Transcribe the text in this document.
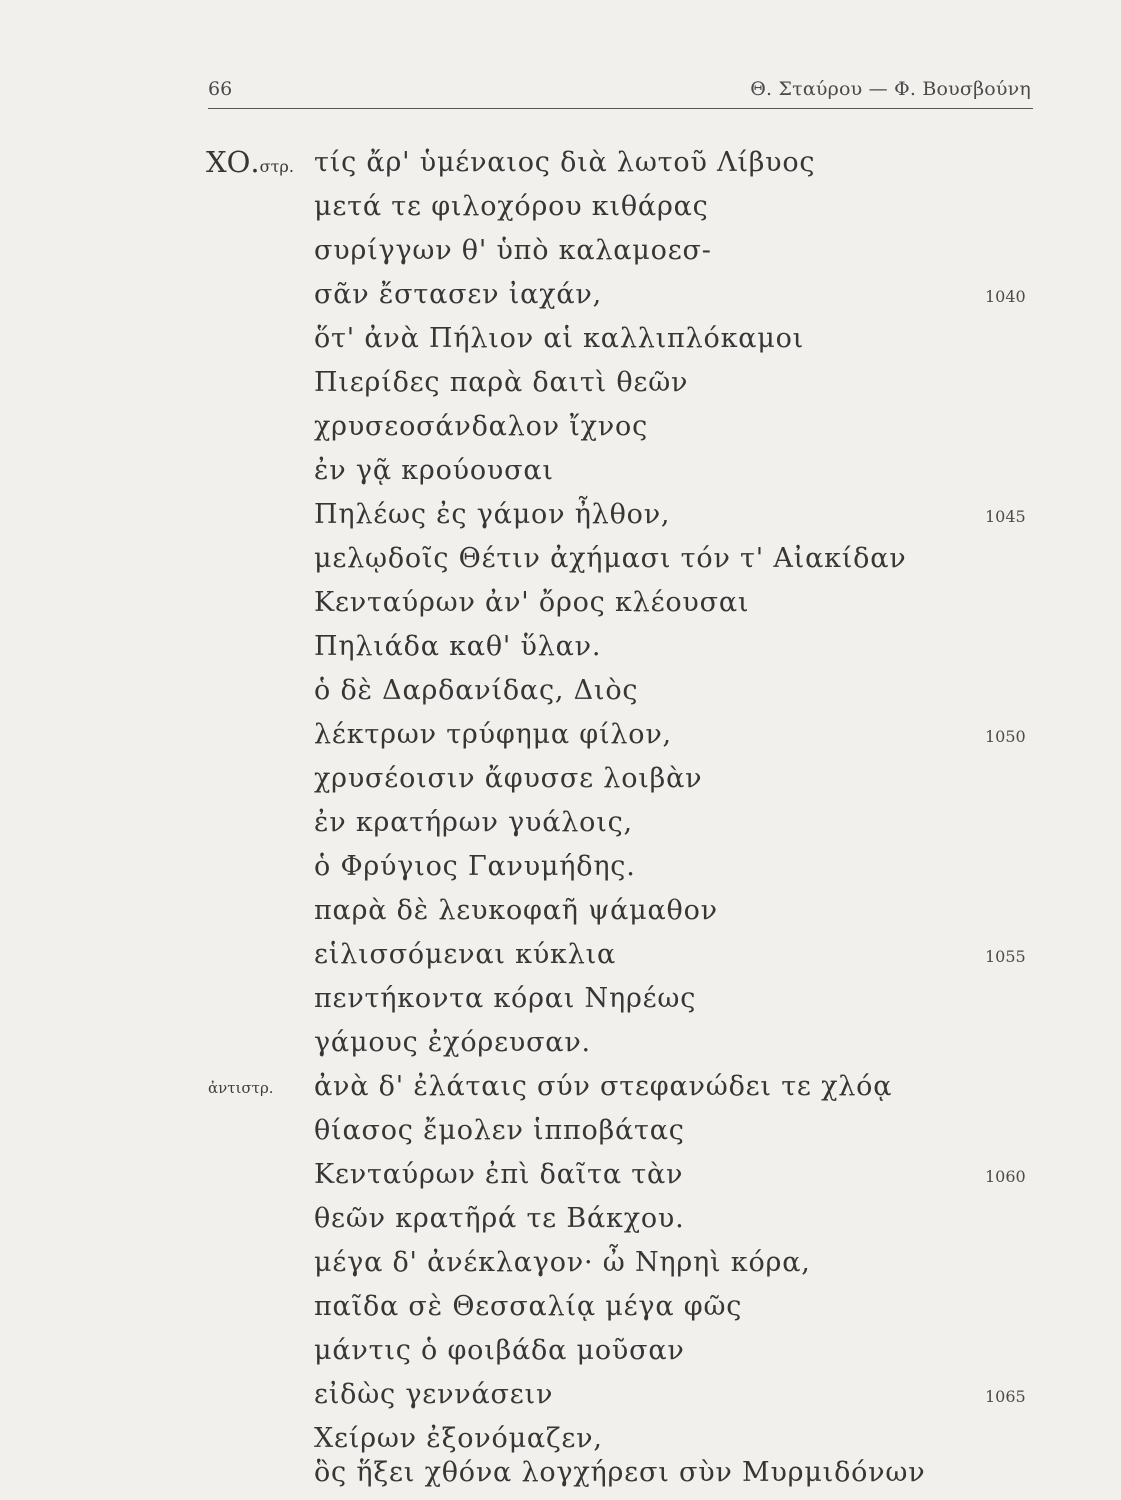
66	Θ. Σταύρου — Φ. Βουσβούνη
ΧΟ.στρ. τίς ἄρ' ὑμέναιος διὰ λωτοῦ Λίβυος
μετά τε φιλοχόρου κιθάρας
συρίγγων θ' ὑπὸ καλαμοεσ-
σᾶν ἔστασεν ἰαχάν,	1040
ὅτ' ἀνὰ Πήλιον αἱ καλλιπλόκαμοι
Πιερίδες παρὰ δαιτὶ θεῶν
χρυσεοσάνδαλον ἴχνος
ἐν γᾷ κρούουσαι
Πηλέως ἐς γάμον ἦλθον,	1045
μελῳδοῖς Θέτιν ἀχήμασι τόν τ' Αἰακίδαν
Κενταύρων ἀν' ὄρος κλέουσαι
Πηλιάδα καθ' ὕλαν.
ὁ δὲ Δαρδανίδας, Διὸς
λέκτρων τρύφημα φίλον,	1050
χρυσέοισιν ἄφυσσε λοιβὰν
ἐν κρατήρων γυάλοις,
ὁ Φρύγιος Γανυμήδης.
παρὰ δὲ λευκοφαῆ ψάμαθον
εἱλισσόμεναι κύκλια	1055
πεντήκοντα κόραι Νηρέως
γάμους ἐχόρευσαν.
ἀντιστρ. ἀνὰ δ' ἐλάταις σύν στεφανώδει τε χλόᾳ
θίασος ἔμολεν ἱπποβάτας
Κενταύρων ἐπὶ δαῖτα τὰν	1060
θεῶν κρατῆρά τε Βάκχου.
μέγα δ' ἀνέκλαγον· ὦ Νηρηὶ κόρα,
παῖδα σὲ Θεσσαλίᾳ μέγα φῶς
μάντις ὁ φοιβάδα μοῦσαν
εἰδὼς γεννάσειν	1065
Χείρων ἐξονόμαζεν,
ὃς ἥξει χθόνα λογχήρεσι σὺν Μυρμιδόνων
